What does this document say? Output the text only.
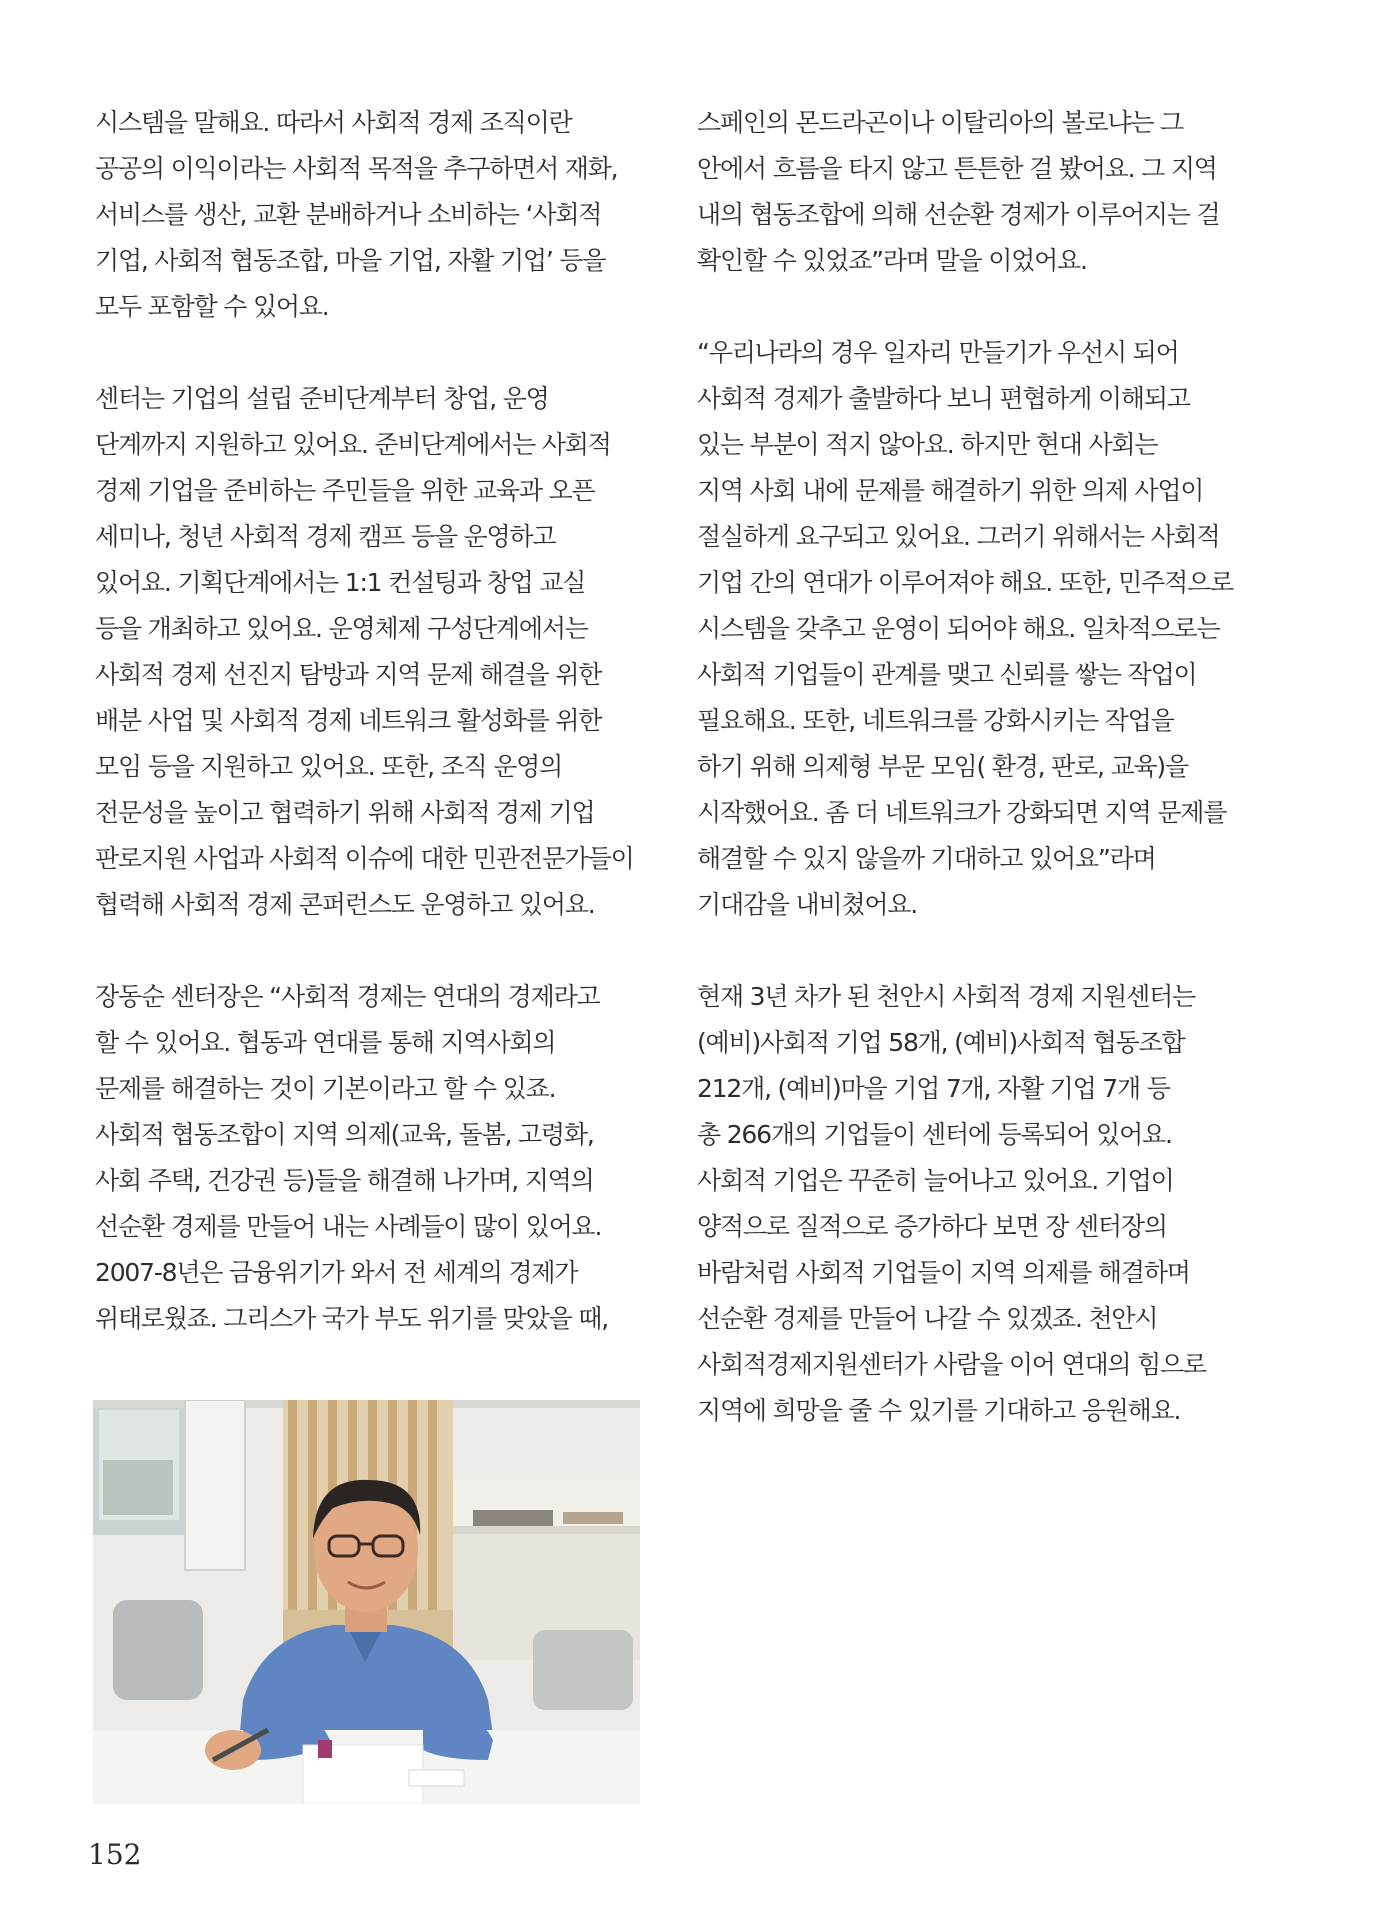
시스템을 말해요. 따라서 사회적 경제 조직이란
공공의 이익이라는 사회적 목적을 추구하면서 재화,
서비스를 생산, 교환 분배하거나 소비하는 ‘사회적
기업, 사회적 협동조합, 마을 기업, 자활 기업’ 등을
모두 포함할 수 있어요.
센터는 기업의 설립 준비단계부터 창업, 운영
단계까지 지원하고 있어요. 준비단계에서는 사회적
경제 기업을 준비하는 주민들을 위한 교육과 오픈
세미나, 청년 사회적 경제 캠프 등을 운영하고
있어요. 기획단계에서는 1:1 컨설팅과 창업 교실
등을 개최하고 있어요. 운영체제 구성단계에서는
사회적 경제 선진지 탐방과 지역 문제 해결을 위한
배분 사업 및 사회적 경제 네트워크 활성화를 위한
모임 등을 지원하고 있어요. 또한, 조직 운영의
전문성을 높이고 협력하기 위해 사회적 경제 기업
판로지원 사업과 사회적 이슈에 대한 민관전문가들이
협력해 사회적 경제 콘퍼런스도 운영하고 있어요.
장동순 센터장은 “사회적 경제는 연대의 경제라고
할 수 있어요. 협동과 연대를 통해 지역사회의
문제를 해결하는 것이 기본이라고 할 수 있죠.
사회적 협동조합이 지역 의제(교육, 돌봄, 고령화,
사회 주택, 건강권 등)들을 해결해 나가며, 지역의
선순환 경제를 만들어 내는 사례들이 많이 있어요.
2007-8년은 금융위기가 와서 전 세계의 경제가
위태로웠죠. 그리스가 국가 부도 위기를 맞았을 때,
스페인의 몬드라곤이나 이탈리아의 볼로냐는 그
안에서 흐름을 타지 않고 튼튼한 걸 봤어요. 그 지역
내의 협동조합에 의해 선순환 경제가 이루어지는 걸
확인할 수 있었죠”라며 말을 이었어요.
“우리나라의 경우 일자리 만들기가 우선시 되어
사회적 경제가 출발하다 보니 편협하게 이해되고
있는 부분이 적지 않아요. 하지만 현대 사회는
지역 사회 내에 문제를 해결하기 위한 의제 사업이
절실하게 요구되고 있어요. 그러기 위해서는 사회적
기업 간의 연대가 이루어져야 해요. 또한, 민주적으로
시스템을 갖추고 운영이 되어야 해요. 일차적으로는
사회적 기업들이 관계를 맺고 신뢰를 쌓는 작업이
필요해요. 또한, 네트워크를 강화시키는 작업을
하기 위해 의제형 부문 모임( 환경, 판로, 교육)을
시작했어요. 좀 더 네트워크가 강화되면 지역 문제를
해결할 수 있지 않을까 기대하고 있어요”라며
기대감을 내비쳤어요.
현재 3년 차가 된 천안시 사회적 경제 지원센터는
(예비)사회적 기업 58개, (예비)사회적 협동조합
212개, (예비)마을 기업 7개, 자활 기업 7개 등
총 266개의 기업들이 센터에 등록되어 있어요.
사회적 기업은 꾸준히 늘어나고 있어요. 기업이
양적으로 질적으로 증가하다 보면 장 센터장의
바람처럼 사회적 기업들이 지역 의제를 해결하며
선순환 경제를 만들어 나갈 수 있겠죠. 천안시
사회적경제지원센터가 사람을 이어 연대의 힘으로
지역에 희망을 줄 수 있기를 기대하고 응원해요.
152
